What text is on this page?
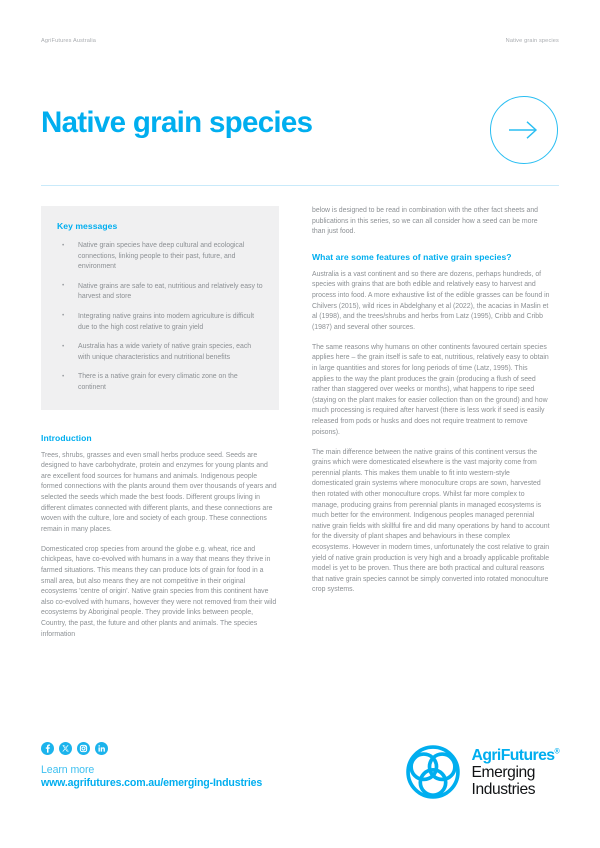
AgriFutures Australia	Native grain species
Native grain species
Key messages
• Native grain species have deep cultural and ecological connections, linking people to their past, future, and environment
• Native grains are safe to eat, nutritious and relatively easy to harvest and store
• Integrating native grains into modern agriculture is difficult due to the high cost relative to grain yield
• Australia has a wide variety of native grain species, each with unique characteristics and nutritional benefits
• There is a native grain for every climatic zone on the continent
Introduction

Trees, shrubs, grasses and even small herbs produce seed. Seeds are designed to have carbohydrate, protein and enzymes for young plants and are excellent food sources for humans and animals. Indigenous people formed connections with the plants around them over thousands of years and selected the seeds which made the best foods. Different groups living in different climates connected with different plants, and these connections are woven with the culture, lore and society of each group. These connections remain in many places.

Domesticated crop species from around the globe e.g. wheat, rice and chickpeas, have co-evolved with humans in a way that means they thrive in farmed situations. This means they can produce lots of grain for food in a small area, but also means they are not competitive in their original ecosystems 'centre of origin'. Native grain species from this continent have also co-evolved with humans, however they were not removed from their wild ecosystems by Aboriginal people. They provide links between people, Country, the past, the future and other plants and animals. The species information

below is designed to be read in combination with the other fact sheets and publications in this series, so we can all consider how a seed can be more than just food.

What are some features of native grain species?

Australia is a vast continent and so there are dozens, perhaps hundreds, of species with grains that are both edible and relatively easy to harvest and process into food. A more exhaustive list of the edible grasses can be found in Chilvers (2015), wild rices in Abdelghany et al (2022), the acacias in Maslin et al (1998), and the trees/shrubs and herbs from Latz (1995), Cribb and Cribb (1987) and several other sources.

The same reasons why humans on other continents favoured certain species applies here – the grain itself is safe to eat, nutritious, relatively easy to obtain in large quantities and stores for long periods of time (Latz, 1995). This applies to the way the plant produces the grain (producing a flush of seed rather than staggered over weeks or months), what happens to ripe seed (staying on the plant makes for easier collection than on the ground) and how much processing is required after harvest (there is less work if seed is easily released from pods or husks and does not require treatment to remove poisons).

The main difference between the native grains of this continent versus the grains which were domesticated elsewhere is the vast majority come from perennial plants. This makes them unable to fit into western-style domesticated grain systems where monoculture crops are sown, harvested then rotated with other monoculture crops. Whilst far more complex to manage, producing grains from perennial plants in managed ecosystems is much better for the environment. Indigenous peoples managed perennial native grain fields with skillful fire and did many operations by hand to account for the diversity of plant shapes and behaviours in these complex ecosystems. However in modern times, unfortunately the cost relative to grain yield of native grain production is very high and a broadly applicable profitable model is yet to be proven. Thus there are both practical and cultural reasons that native grain species cannot be simply converted into rotated monoculture crop systems.

Learn more
www.agrifutures.com.au/emerging-Industries
AgriFutures®
Emerging
Industries
